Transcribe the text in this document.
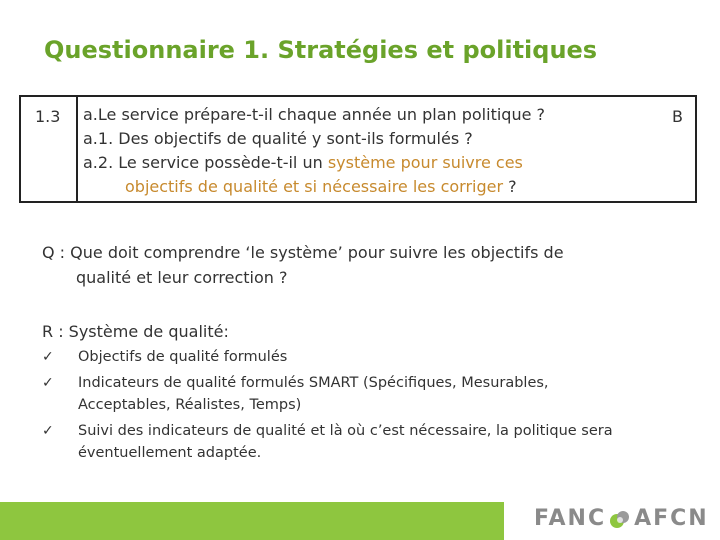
Questionnaire 1. Stratégies et politiques
1.3 a.Le service prépare-t-il chaque année un plan politique ?
a.1. Des objectifs de qualité y sont-ils formulés ?
a.2. Le service possède-t-il un système pour suivre ces
objectifs de qualité et si nécessaire les corriger ?
B
Q : Que doit comprendre ‘le système’ pour suivre les objectifs de
qualité et leur correction ?
R : Système de qualité:
✓ Objectifs de qualité formulés
✓ Indicateurs de qualité formulés SMART (Spécifiques, Mesurables,
Acceptables, Réalistes, Temps)
✓ Suivi des indicateurs de qualité et là où c’est nécessaire, la politique sera
éventuellement adaptée.
FANC AFCN
